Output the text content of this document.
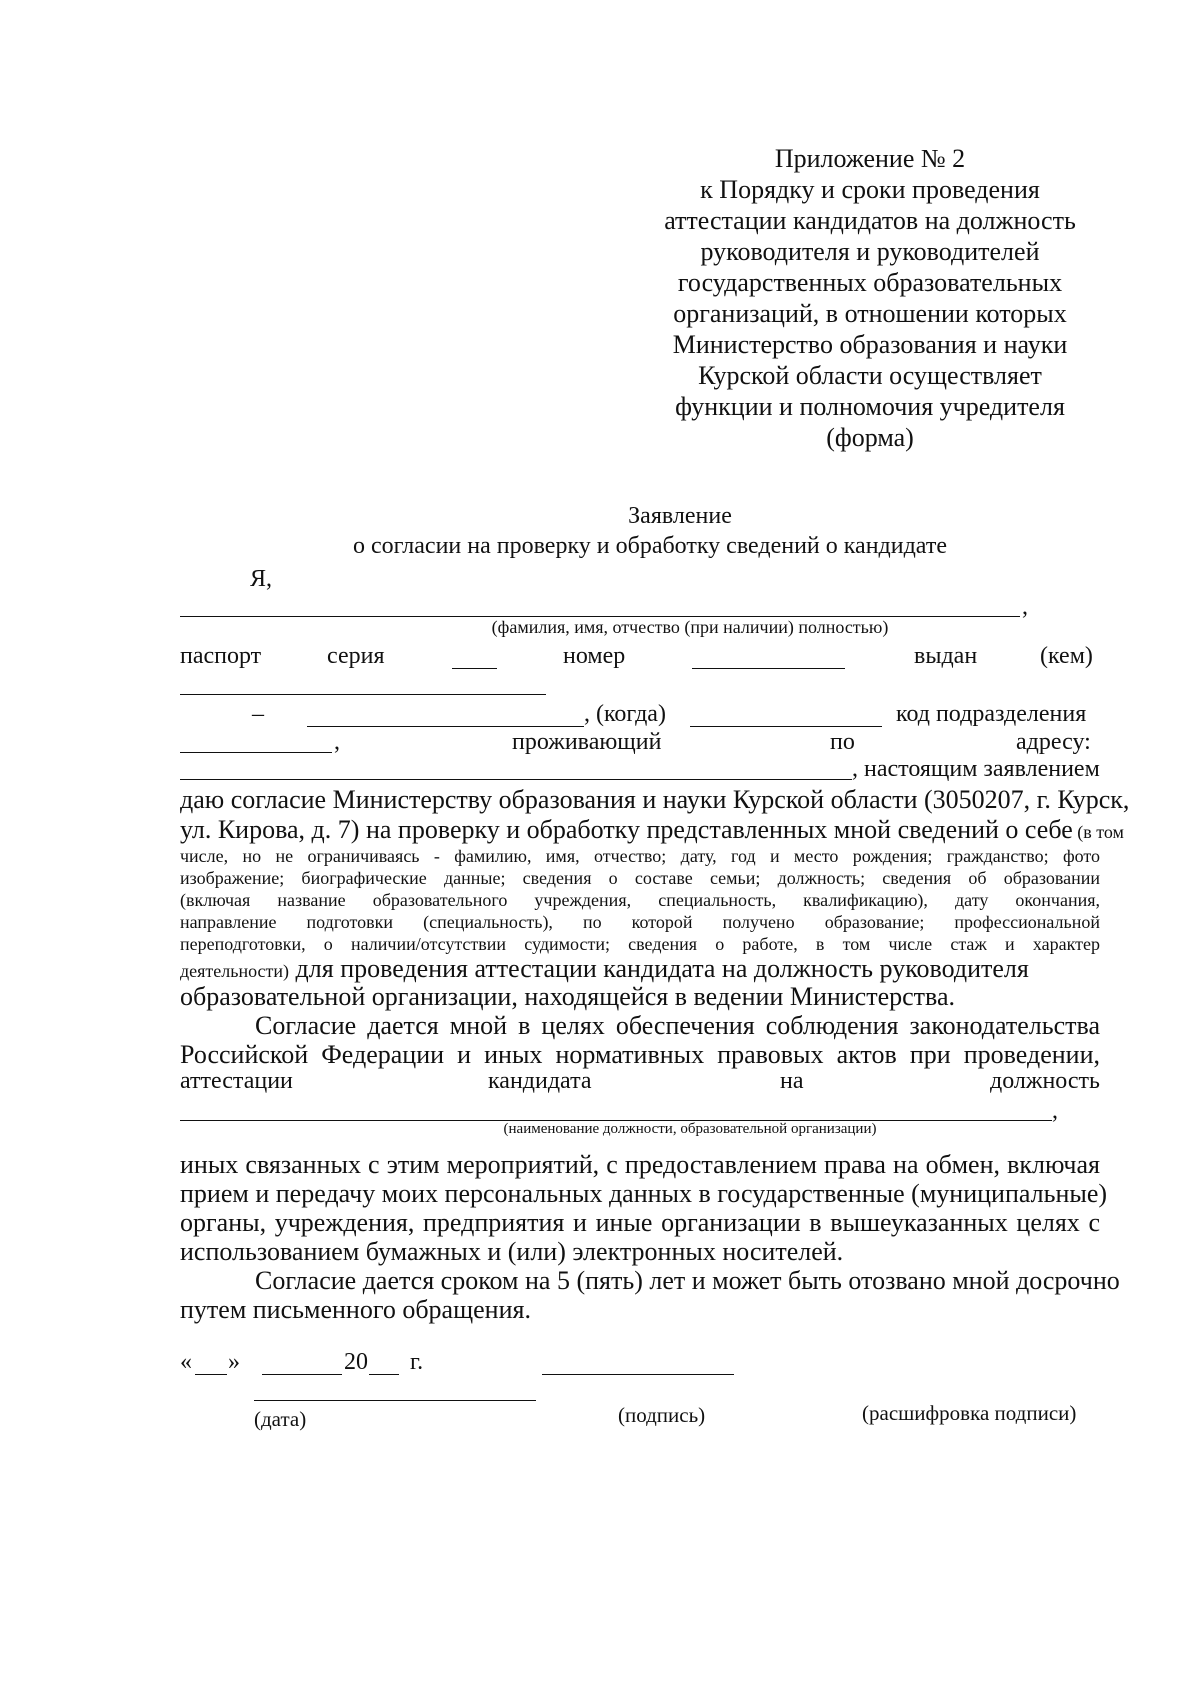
Приложение № 2
к Порядку и сроки проведения
аттестации кандидатов на должность
руководителя и руководителей
государственных образовательных
организаций, в отношении которых
Министерство образования и науки
Курской области осуществляет
функции и полномочия учредителя
(форма)
Заявление
о согласии на проверку и обработку сведений о кандидате
Я,
,
(фамилия, имя, отчество (при наличии) полностью)
паспорт	серия	номер	выдан	(кем)
–	, (когда)	код подразделения
,	проживающий	по	адресу:
, настоящим заявлением
даю согласие Министерству образования и науки Курской области (3050207, г. Курск,
ул. Кирова, д. 7) на проверку и обработку представленных мной сведений о себе (в том
числе, но не ограничиваясь - фамилию, имя, отчество; дату, год и место рождения; гражданство; фото
изображение; биографические данные; сведения о составе семьи; должность; сведения об образовании
(включая название образовательного учреждения, специальность, квалификацию), дату окончания,
направление подготовки (специальность), по которой получено образование; профессиональной
переподготовки, о наличии/отсутствии судимости; сведения о работе, в том числе стаж и характер
деятельности) для проведения аттестации кандидата на должность руководителя
образовательной организации, находящейся в ведении Министерства.
Согласие дается мной в целях обеспечения соблюдения законодательства
Российской Федерации и иных нормативных правовых актов при проведении,
аттестации	кандидата	на	должность
,
(наименование должности, образовательной организации)
иных связанных с этим мероприятий, с предоставлением права на обмен, включая
прием и передачу моих персональных данных в государственные (муниципальные)
органы, учреждения, предприятия и иные организации в вышеуказанных целях с
использованием бумажных и (или) электронных носителей.
Согласие дается сроком на 5 (пять) лет и может быть отозвано мной досрочно
путем письменного обращения.
« »	20 г.
(дата)	(подпись)	(расшифровка подписи)
